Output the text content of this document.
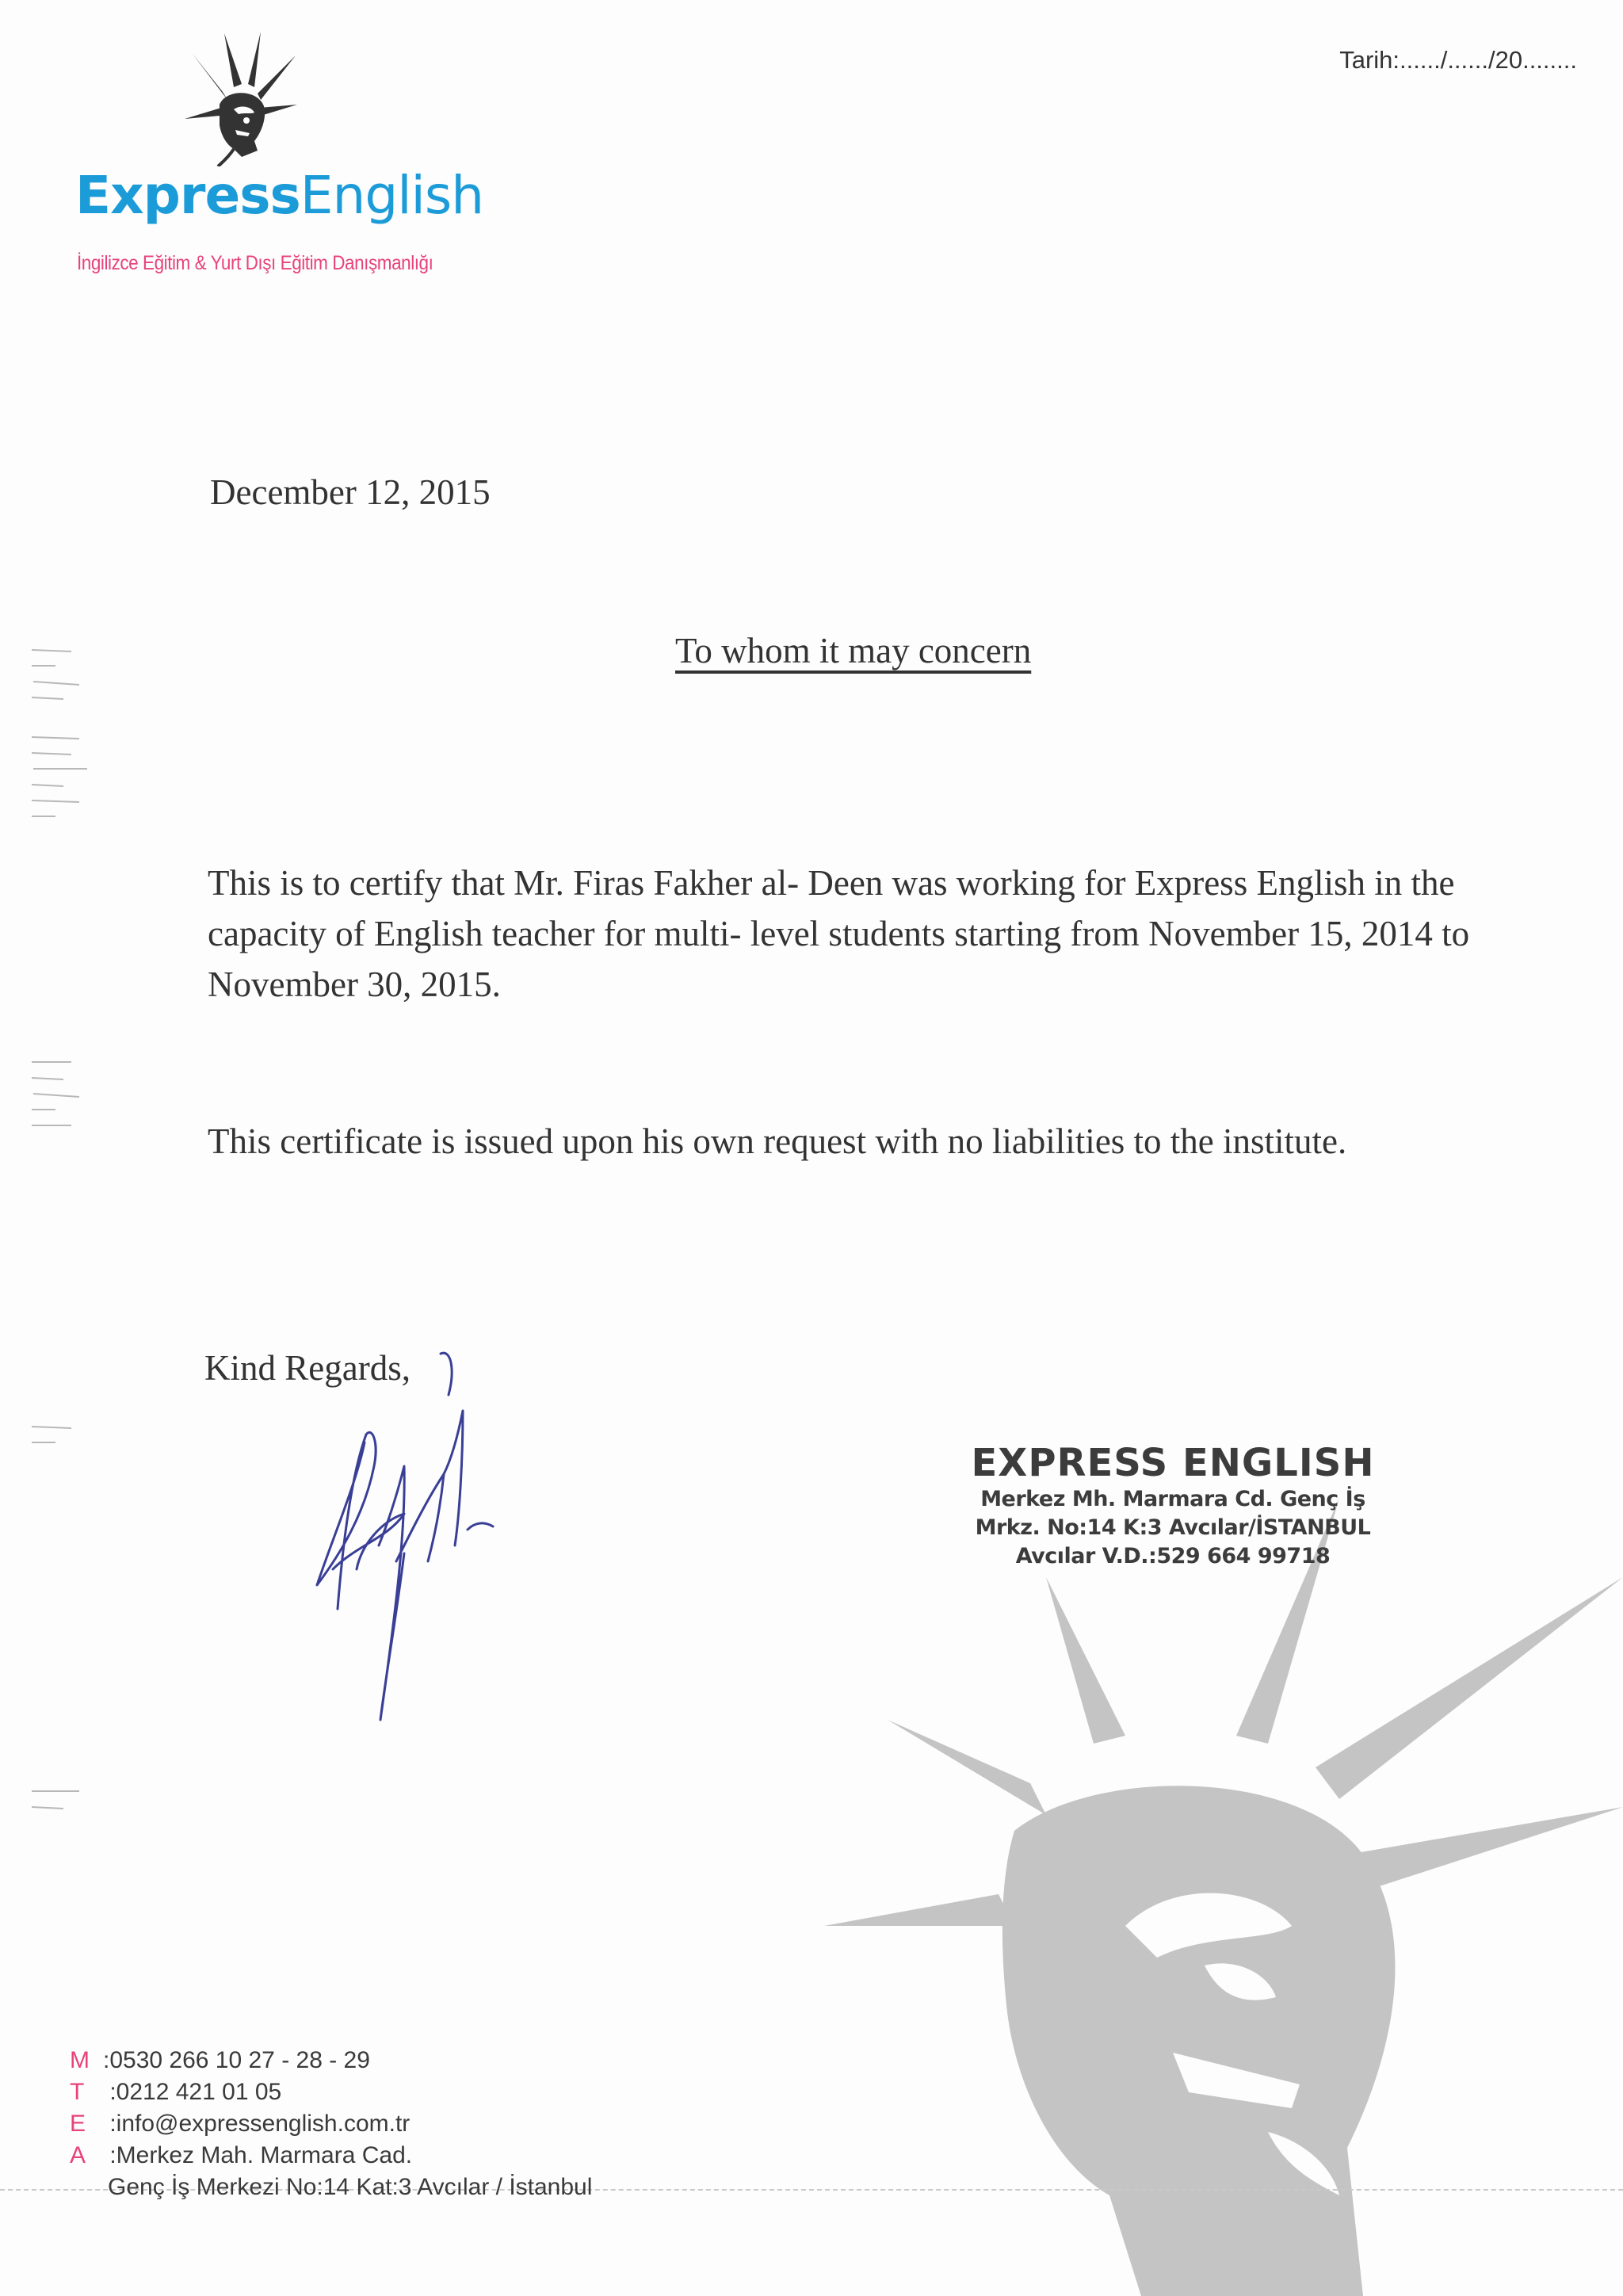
ExpressEnglish
İngilizce Eğitim & Yurt Dışı Eğitim Danışmanlığı
Tarih:....../....../20........
December 12, 2015
To whom it may concern

This is to certify that Mr. Firas Fakher al- Deen was working for Express English in the capacity of English teacher for multi- level students starting from November 15, 2014 to November 30, 2015.

This certificate is issued upon his own request with no liabilities to the institute.

Kind Regards,
EXPRESS ENGLISH
Merkez Mh. Marmara Cd. Genç İş
Mrkz. No:14 K:3 Avcılar/İSTANBUL
Avcılar V.D.:529 664 99718
M :0530 266 10 27 - 28 - 29
T :0212 421 01 05
E :info@expressenglish.com.tr
A :Merkez Mah. Marmara Cad.
Genç İş Merkezi No:14 Kat:3 Avcılar / İstanbul
